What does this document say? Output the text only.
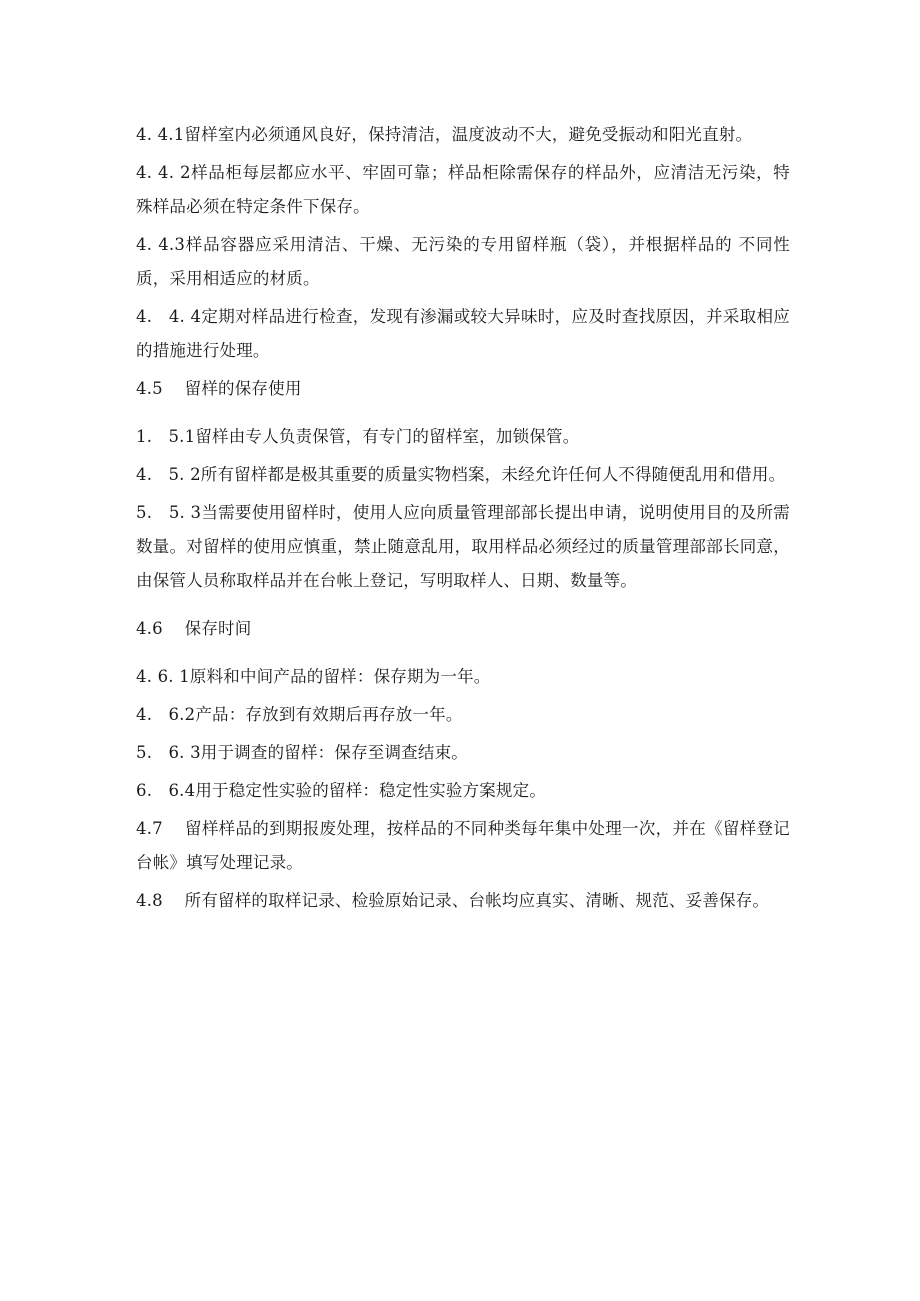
4. 4.1留样室内必须通风良好，保持清洁，温度波动不大，避免受振动和阳光直射。

4. 4. 2样品柜每层都应水平、牢固可靠；样品柜除需保存的样品外，应清洁无污染，特殊样品必须在特定条件下保存。

4. 4.3样品容器应采用清洁、干燥、无污染的专用留样瓶（袋），并根据样品的 不同性质，采用相适应的材质。

4.   4. 4定期对样品进行检查，发现有渗漏或较大异味时，应及时查找原因，并采取相应的措施进行处理。

4.5    留样的保存使用

1.   5.1留样由专人负责保管，有专门的留样室，加锁保管。

4.   5. 2所有留样都是极其重要的质量实物档案，未经允许任何人不得随便乱用和借用。

5.   5. 3当需要使用留样时，使用人应向质量管理部部长提出申请，说明使用目的及所需数量。对留样的使用应慎重，禁止随意乱用，取用样品必须经过的质量管理部部长同意，由保管人员称取样品并在台帐上登记，写明取样人、日期、数量等。

4.6    保存时间

4. 6. 1原料和中间产品的留样：保存期为一年。

4.   6.2产品：存放到有效期后再存放一年。

5.   6. 3用于调查的留样：保存至调查结束。

6.   6.4用于稳定性实验的留样：稳定性实验方案规定。

4.7    留样样品的到期报废处理，按样品的不同种类每年集中处理一次，并在《留样登记台帐》填写处理记录。

4.8    所有留样的取样记录、检验原始记录、台帐均应真实、清晰、规范、妥善保存。
